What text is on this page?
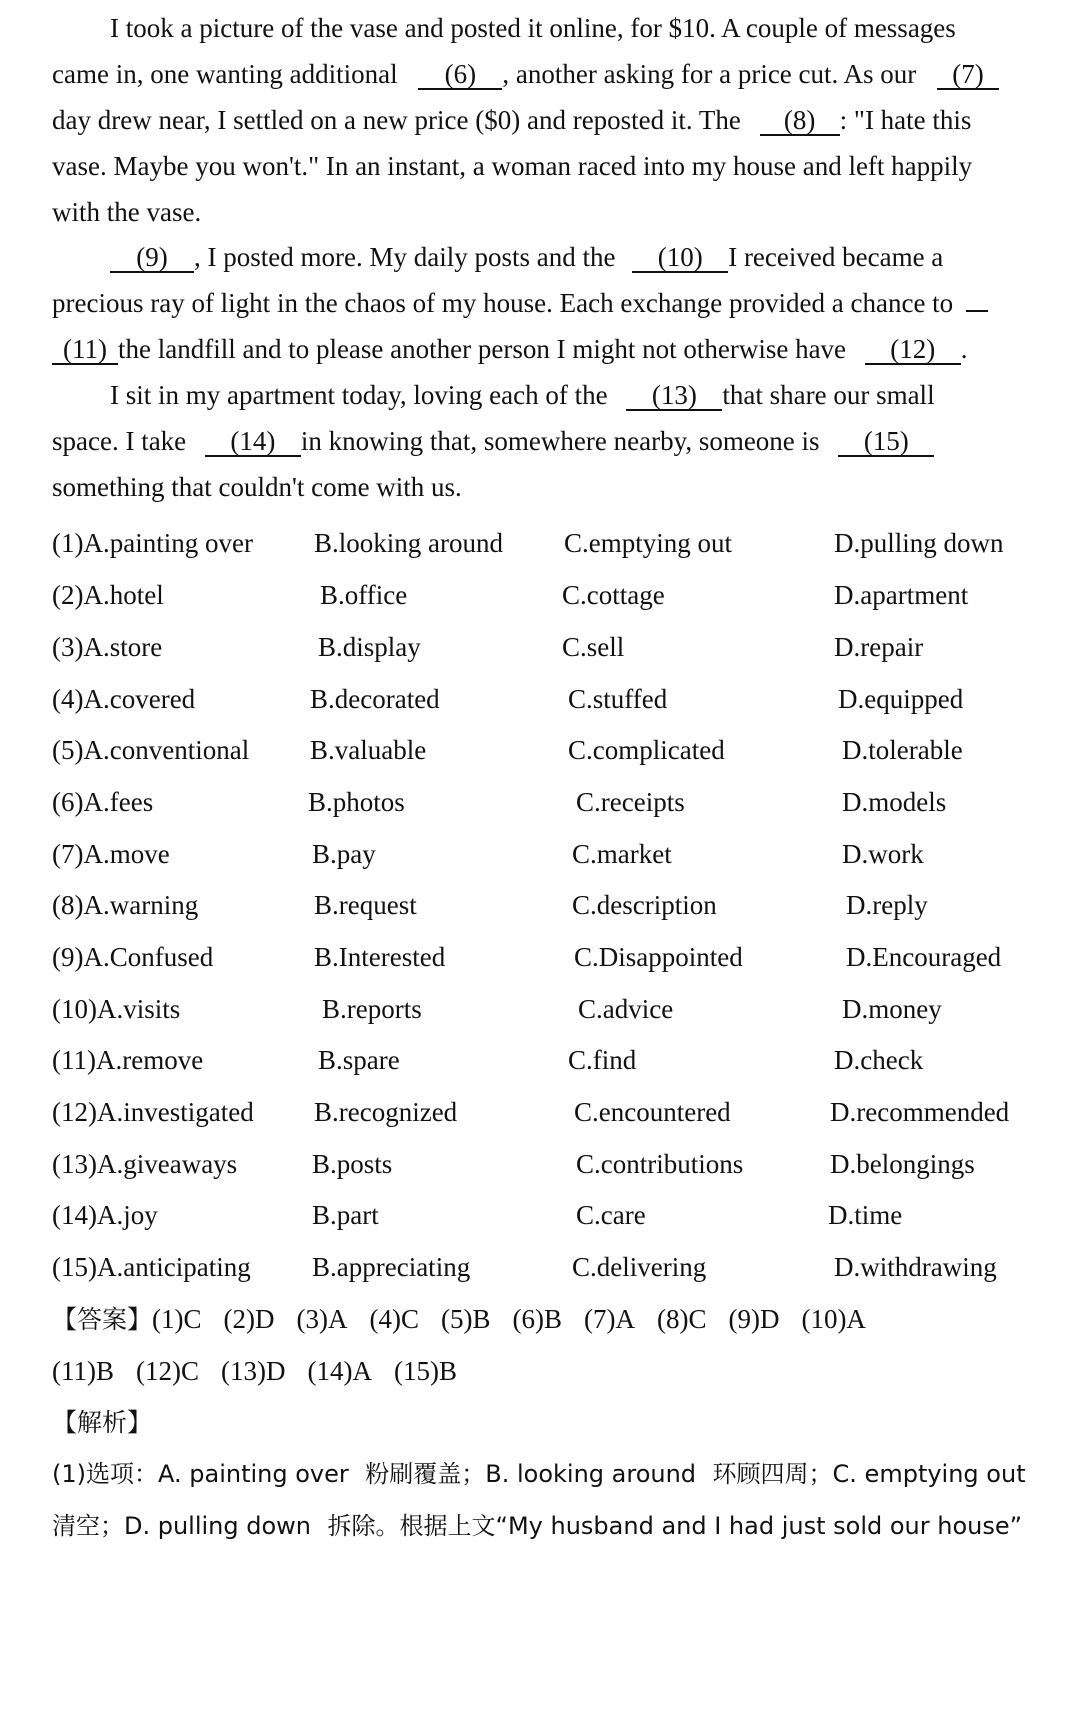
I took a picture of the vase and posted it online, for $10. A couple of messages
came in, one wanting additional (6) , another asking for a price cut. As our (7)
day drew near, I settled on a new price ($0) and reposted it. The (8) : "I hate this
vase. Maybe you won't." In an instant, a woman raced into my house and left happily
with the vase.
(9) , I posted more. My daily posts and the (10) I received became a
precious ray of light in the chaos of my house. Each exchange provided a chance to
(11) the landfill and to please another person I might not otherwise have (12) .
I sit in my apartment today, loving each of the (13) that share our small
space. I take (14) in knowing that, somewhere nearby, someone is (15)
something that couldn't come with us.
(1)A.painting over B.looking around C.emptying out	D.pulling down
(2)A.hotel	B.office	C.cottage	D.apartment
(3)A.store	B.display	C.sell	D.repair
(4)A.covered	B.decorated	C.stuffed	D.equipped
(5)A.conventional B.valuable	C.complicated	D.tolerable
(6)A.fees	B.photos	C.receipts	D.models
(7)A.move	B.pay	C.market	D.work
(8)A.warning	B.request	C.description	D.reply
(9)A.Confused	B.Interested	C.Disappointed	D.Encouraged
(10)A.visits	B.reports	C.advice	D.money
(11)A.remove	B.spare	C.find	D.check
(12)A.investigated B.recognized	C.encountered	D.recommended
(13)A.giveaways	B.posts	C.contributions	D.belongings
(14)A.joy	B.part	C.care	D.time
(15)A.anticipating B.appreciating	C.delivering	D.withdrawing
【答案】(1)C (2)D (3)A (4)C (5)B (6)B (7)A (8)C (9)D (10)A
(11)B (12)C (13)D (14)A (15)B
【解析】
(1)选项：A. painting over 粉刷覆盖；B. looking around 环顾四周；C. emptying out
清空；D. pulling down 拆除。根据上文“My husband and I had just sold our house”
